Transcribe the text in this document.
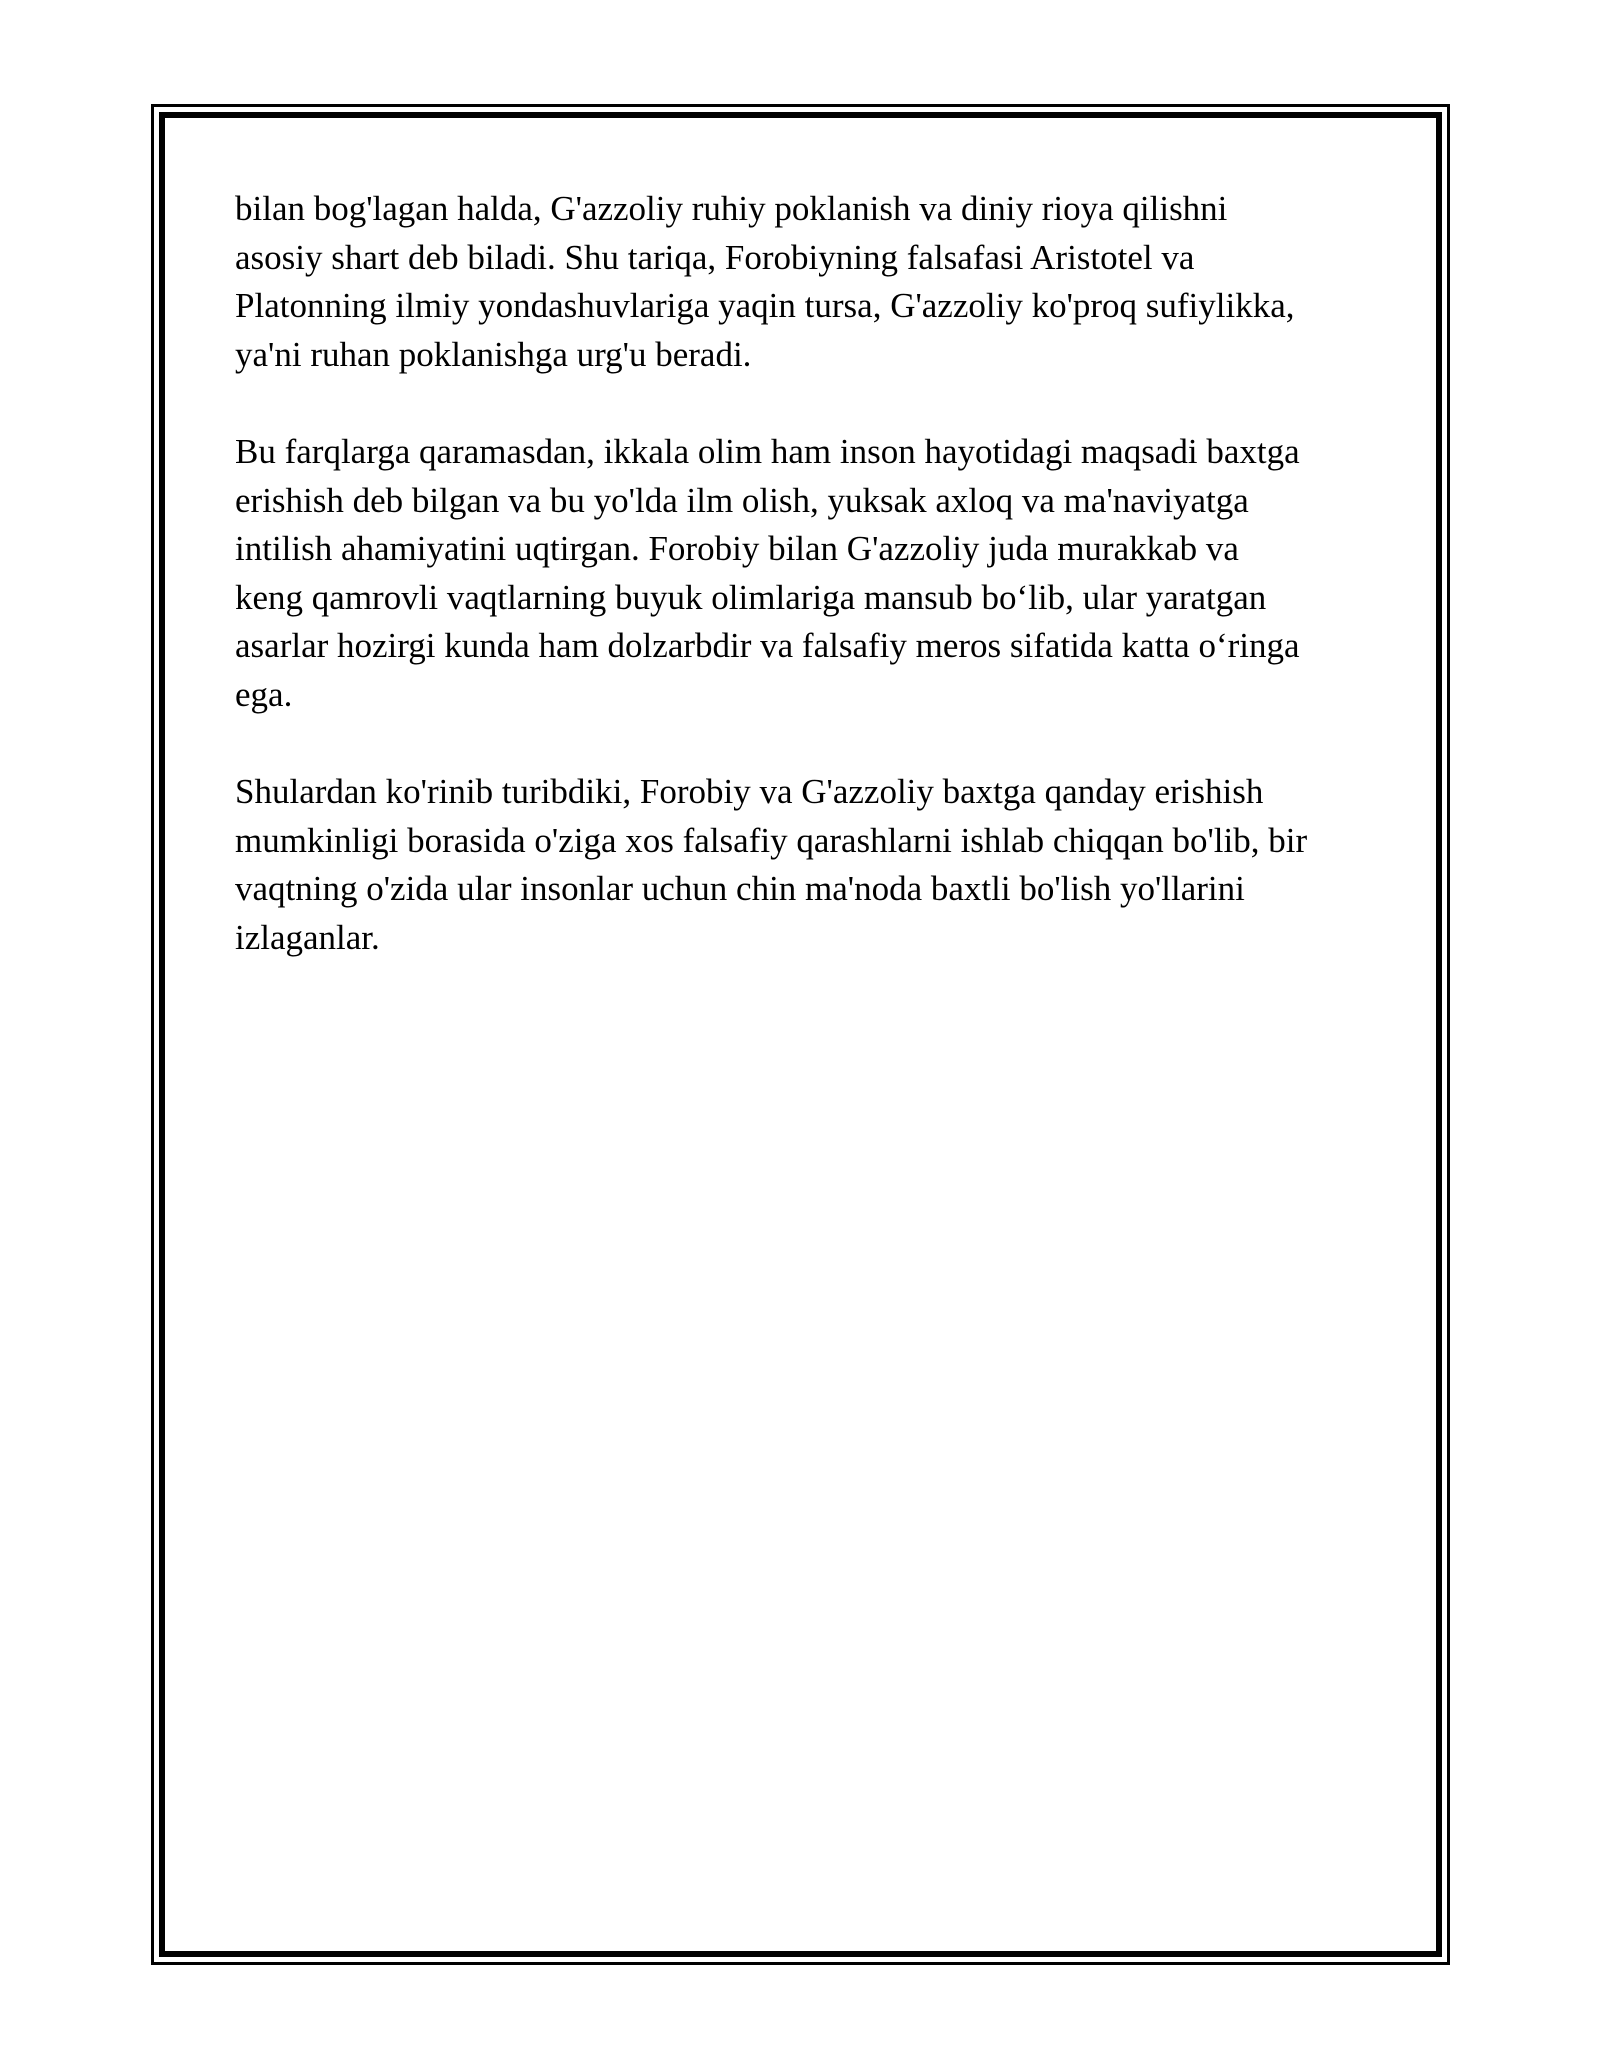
bilan bog'lagan halda, G'azzoliy ruhiy poklanish va diniy rioya qilishni
asosiy shart deb biladi. Shu tariqa, Forobiyning falsafasi Aristotel va
Platonning ilmiy yondashuvlariga yaqin tursa, G'azzoliy ko'proq sufiylikka,
ya'ni ruhan poklanishga urg'u beradi.

Bu farqlarga qaramasdan, ikkala olim ham inson hayotidagi maqsadi baxtga
erishish deb bilgan va bu yo'lda ilm olish, yuksak axloq va ma'naviyatga
intilish ahamiyatini uqtirgan. Forobiy bilan G'azzoliy juda murakkab va
keng qamrovli vaqtlarning buyuk olimlariga mansub bo‘lib, ular yaratgan
asarlar hozirgi kunda ham dolzarbdir va falsafiy meros sifatida katta o‘ringa
ega.

Shulardan ko'rinib turibdiki, Forobiy va G'azzoliy baxtga qanday erishish
mumkinligi borasida o'ziga xos falsafiy qarashlarni ishlab chiqqan bo'lib, bir
vaqtning o'zida ular insonlar uchun chin ma'noda baxtli bo'lish yo'llarini
izlaganlar.
